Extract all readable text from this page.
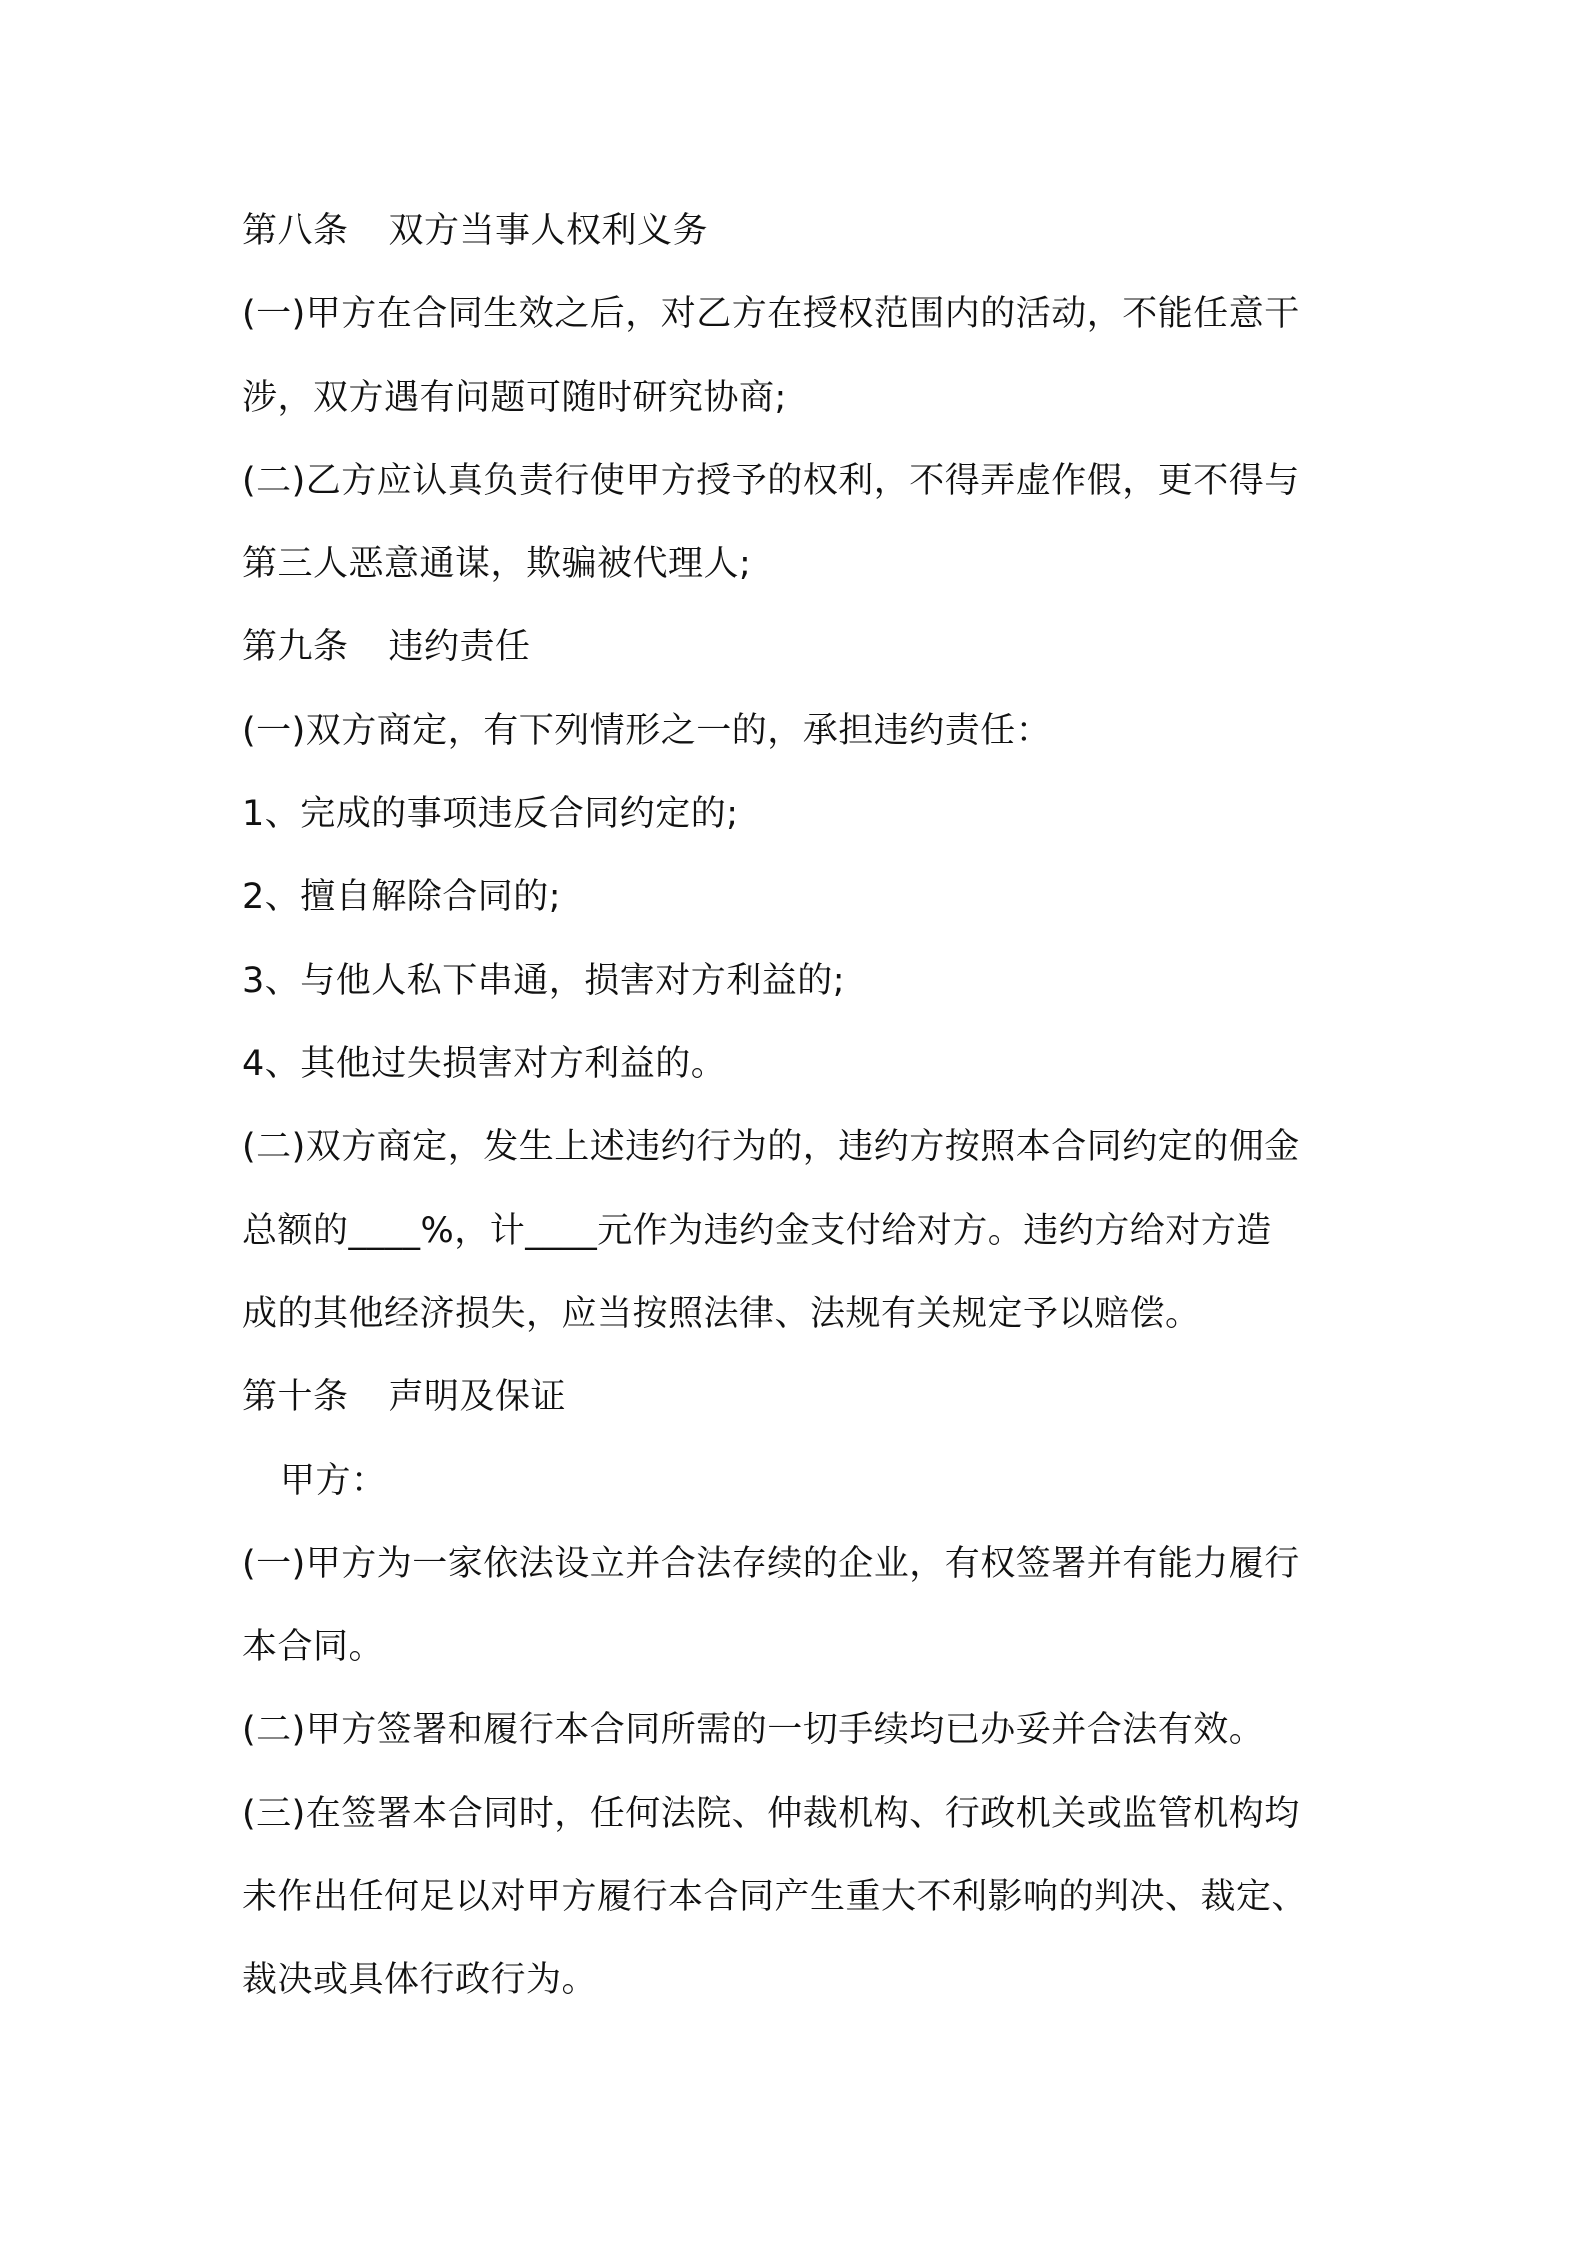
第八条 双方当事人权利义务
(一)甲方在合同生效之后，对乙方在授权范围内的活动，不能任意干
涉，双方遇有问题可随时研究协商;
(二)乙方应认真负责行使甲方授予的权利，不得弄虚作假，更不得与
第三人恶意通谋，欺骗被代理人;
第九条 违约责任
(一)双方商定，有下列情形之一的，承担违约责任：
1、完成的事项违反合同约定的;
2、擅自解除合同的;
3、与他人私下串通，损害对方利益的;
4、其他过失损害对方利益的。
(二)双方商定，发生上述违约行为的，违约方按照本合同约定的佣金
总额的____%，计____元作为违约金支付给对方。违约方给对方造
成的其他经济损失，应当按照法律、法规有关规定予以赔偿。
第十条 声明及保证
甲方：
(一)甲方为一家依法设立并合法存续的企业，有权签署并有能力履行
本合同。
(二)甲方签署和履行本合同所需的一切手续均已办妥并合法有效。
(三)在签署本合同时，任何法院、仲裁机构、行政机关或监管机构均
未作出任何足以对甲方履行本合同产生重大不利影响的判决、裁定、
裁决或具体行政行为。
